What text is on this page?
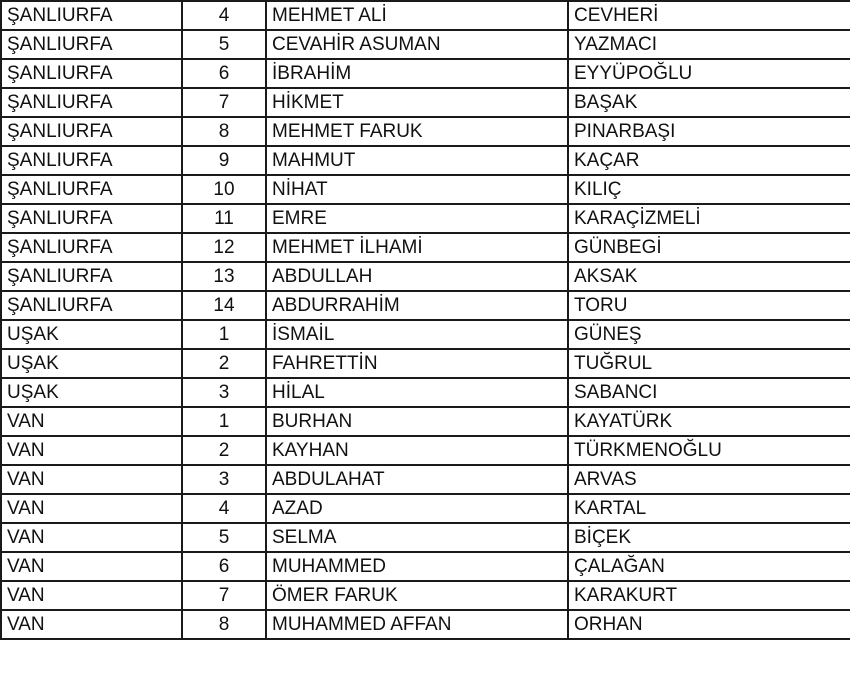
ŞANLIURFA	4	MEHMET ALİ	CEVHERİ
ŞANLIURFA	5	CEVAHİR ASUMAN	YAZMACI
ŞANLIURFA	6	İBRAHİM	EYYÜPOĞLU
ŞANLIURFA	7	HİKMET	BAŞAK
ŞANLIURFA	8	MEHMET FARUK	PINARBAŞI
ŞANLIURFA	9	MAHMUT	KAÇAR
ŞANLIURFA	10	NİHAT	KILIÇ
ŞANLIURFA	11	EMRE	KARAÇİZMELİ
ŞANLIURFA	12	MEHMET İLHAMİ	GÜNBEGİ
ŞANLIURFA	13	ABDULLAH	AKSAK
ŞANLIURFA	14	ABDURRAHİM	TORU
UŞAK	1	İSMAİL	GÜNEŞ
UŞAK	2	FAHRETTİN	TUĞRUL
UŞAK	3	HİLAL	SABANCI
VAN	1	BURHAN	KAYATÜRK
VAN	2	KAYHAN	TÜRKMENOĞLU
VAN	3	ABDULAHAT	ARVAS
VAN	4	AZAD	KARTAL
VAN	5	SELMA	BİÇEK
VAN	6	MUHAMMED	ÇALAĞAN
VAN	7	ÖMER FARUK	KARAKURT
VAN	8	MUHAMMED AFFAN	ORHAN
